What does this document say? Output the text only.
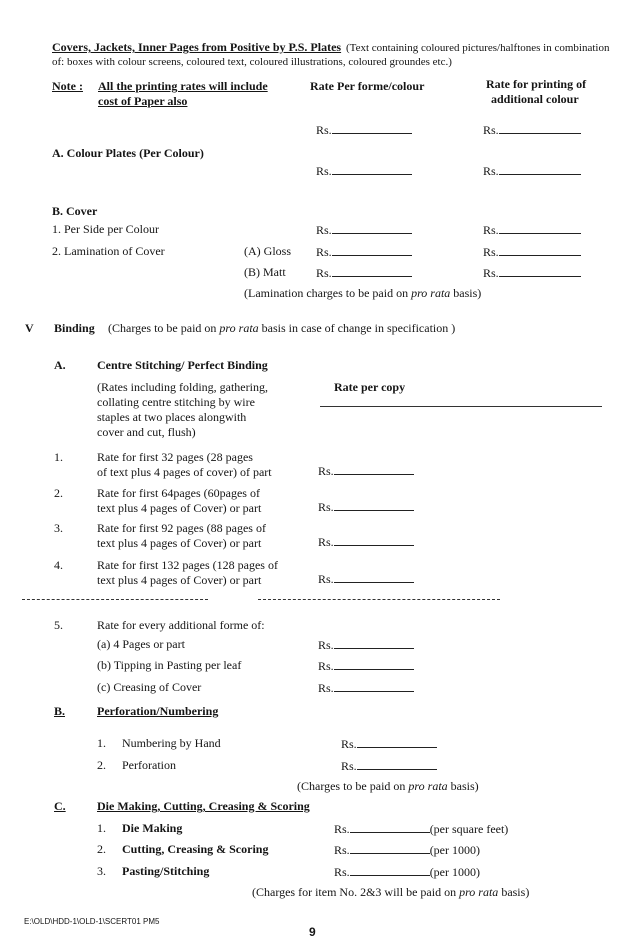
Covers, Jackets, Inner Pages from Positive by P.S. Plates (Text containing coloured pictures/halftones in combination
of: boxes with colour screens, coloured text, coloured illustrations, coloured groundes etc.)
Note : All the printing rates will include
cost of Paper also
Rate Per forme/colour	Rate for printing of
additional colour
Rs.	Rs.
A. Colour Plates (Per Colour)
Rs.	Rs.
B. Cover
1. Per Side per Colour	Rs.	Rs.
2. Lamination of Cover	(A) Gloss Rs.	Rs.
(B) Matt	Rs.	Rs.
(Lamination charges to be paid on pro rata basis)
V Binding (Charges to be paid on pro rata basis in case of change in specification )
A.	Centre Stitching/ Perfect Binding
(Rates including folding, gathering,
collating centre stitching by wire
staples at two places alongwith
cover and cut, flush)
Rate per copy
1.	Rate for first 32 pages (28 pages
of text plus 4 pages of cover) of part	Rs.
2.	Rate for first 64pages (60pages of
text plus 4 pages of Cover) or part	Rs.
3.	Rate for first 92 pages (88 pages of
text plus 4 pages of Cover) or part	Rs.
4.	Rate for first 132 pages (128 pages of
text plus 4 pages of Cover) or part	Rs.
5.	Rate for every additional forme of:
(a) 4 Pages or part	Rs.
(b) Tipping in Pasting per leaf	Rs.
(c) Creasing of Cover	Rs.
B.	Perforation/Numbering
1. Numbering by Hand	Rs.
2. Perforation	Rs.
(Charges to be paid on pro rata basis)
C.	Die Making, Cutting, Creasing & Scoring
1. Die Making	Rs.	(per square feet)
2. Cutting, Creasing & Scoring	Rs.	(per 1000)
3. Pasting/Stitching	Rs.	(per 1000)
(Charges for item No. 2&3 will be paid on pro rata basis)
E:\OLD\HDD-1\OLD-1\SCERT01 PM5
9
